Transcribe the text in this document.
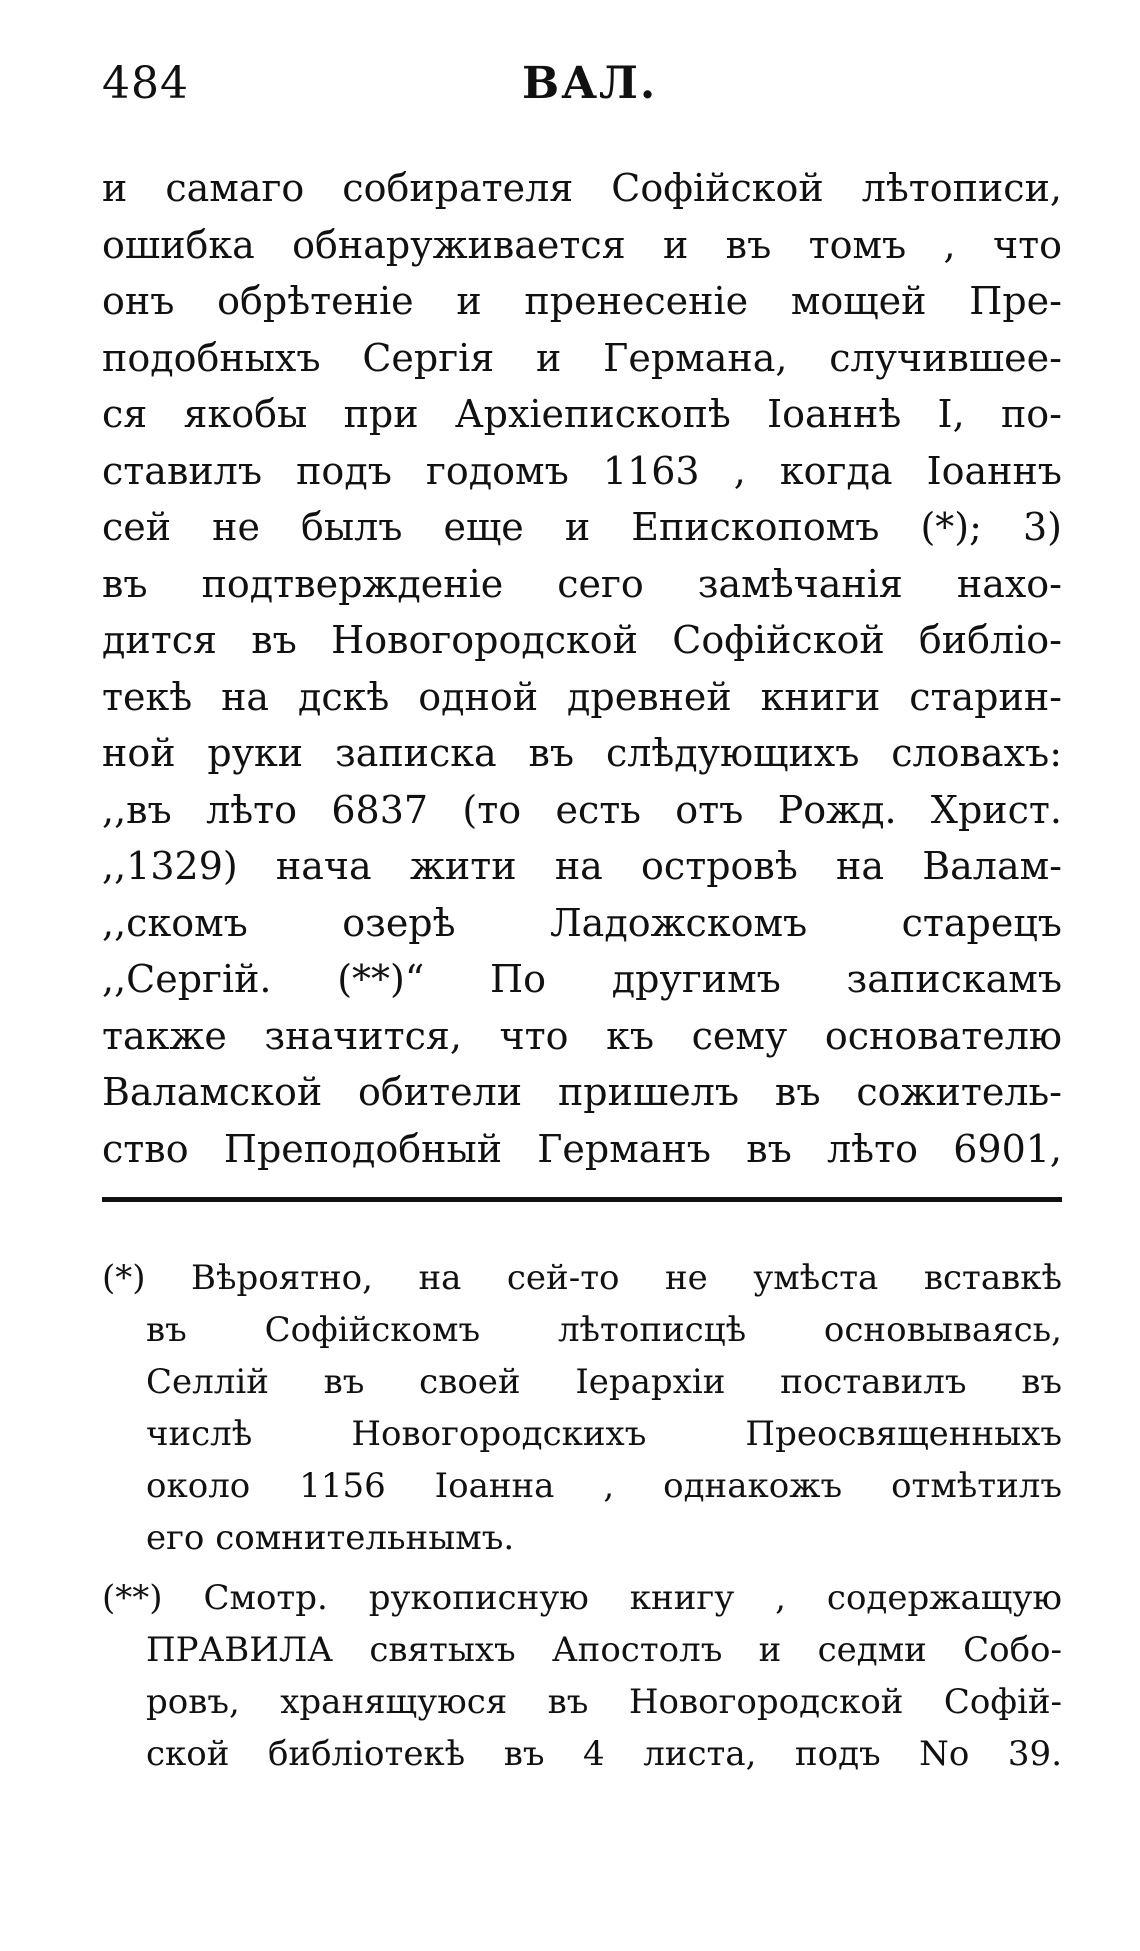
484	ВАЛ.
и самаго собирателя Софійской лѣтописи,
ошибка обнаруживается и въ томъ , что
онъ обрѣтеніе и пренесеніе мощей Пре-
подобныхъ Сергія и Германа, случившее-
ся якобы при Архіепископѣ Іоаннѣ І, по-
ставилъ подъ годомъ 1163 , когда Іоаннъ
сей не былъ еще и Епископомъ (*); 3)
въ подтвержденіе сего замѣчанія нахо-
дится въ Новогородской Софійской библіо-
текѣ на дскѣ одной древней книги старин-
ной руки записка въ слѣдующихъ словахъ:
,,въ лѣто 6837 (то есть отъ Рожд. Христ.
,,1329) нача жити на островѣ на Валам-
,,скомъ озерѣ Ладожскомъ старецъ
,,Сергій. (**)“ По другимъ запискамъ
также значится, что къ сему основателю
Валамской обители пришелъ въ сожитель-
ство Преподобный Германъ въ лѣто 6901,
(*) Вѣроятно, на сей-то не умѣста вставкѣ
въ Софійскомъ лѣтописцѣ основываясь,
Селлій въ своей Іерархіи поставилъ въ
числѣ Новогородскихъ Преосвященныхъ
около 1156 Іоанна , однакожъ отмѣтилъ
его сомнительнымъ.
(**) Смотр. рукописную книгу , содержащую
ПРАВИЛА святыхъ Апостолъ и седми Собо-
ровъ, хранящуюся въ Новогородской Софій-
ской библіотекѣ въ 4 листа, подъ No 39.
